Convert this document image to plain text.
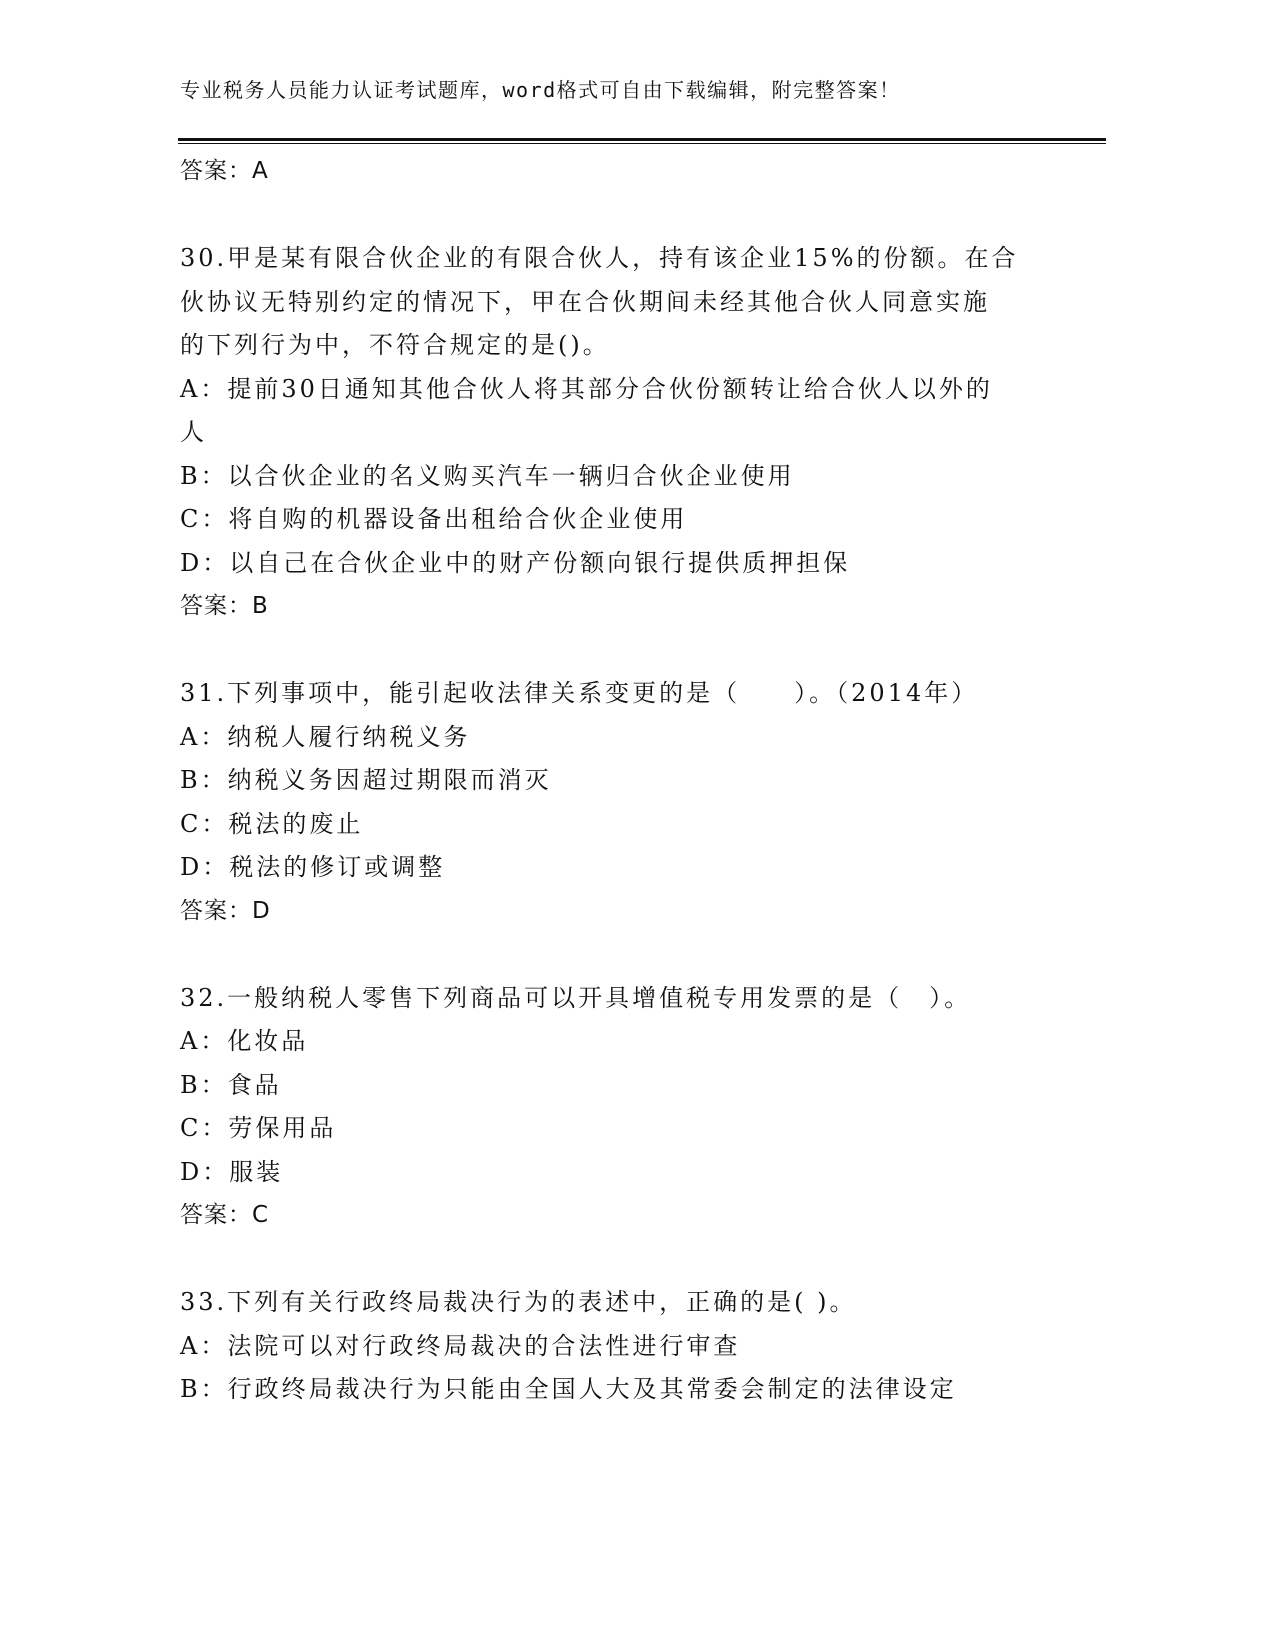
专业税务人员能力认证考试题库，word格式可自由下载编辑，附完整答案！
答案：A
30.甲是某有限合伙企业的有限合伙人，持有该企业15%的份额。在合
伙协议无特别约定的情况下，甲在合伙期间未经其他合伙人同意实施
的下列行为中，不符合规定的是()。
A：提前30日通知其他合伙人将其部分合伙份额转让给合伙人以外的
人
B：以合伙企业的名义购买汽车一辆归合伙企业使用
C：将自购的机器设备出租给合伙企业使用
D：以自己在合伙企业中的财产份额向银行提供质押担保
答案：B
31.下列事项中，能引起收法律关系变更的是（　　）。（2014年）
A：纳税人履行纳税义务
B：纳税义务因超过期限而消灭
C：税法的废止
D：税法的修订或调整
答案：D
32.一般纳税人零售下列商品可以开具增值税专用发票的是（　）。
A：化妆品
B：食品
C：劳保用品
D：服装
答案：C
33.下列有关行政终局裁决行为的表述中，正确的是( )。
A：法院可以对行政终局裁决的合法性进行审查
B：行政终局裁决行为只能由全国人大及其常委会制定的法律设定
